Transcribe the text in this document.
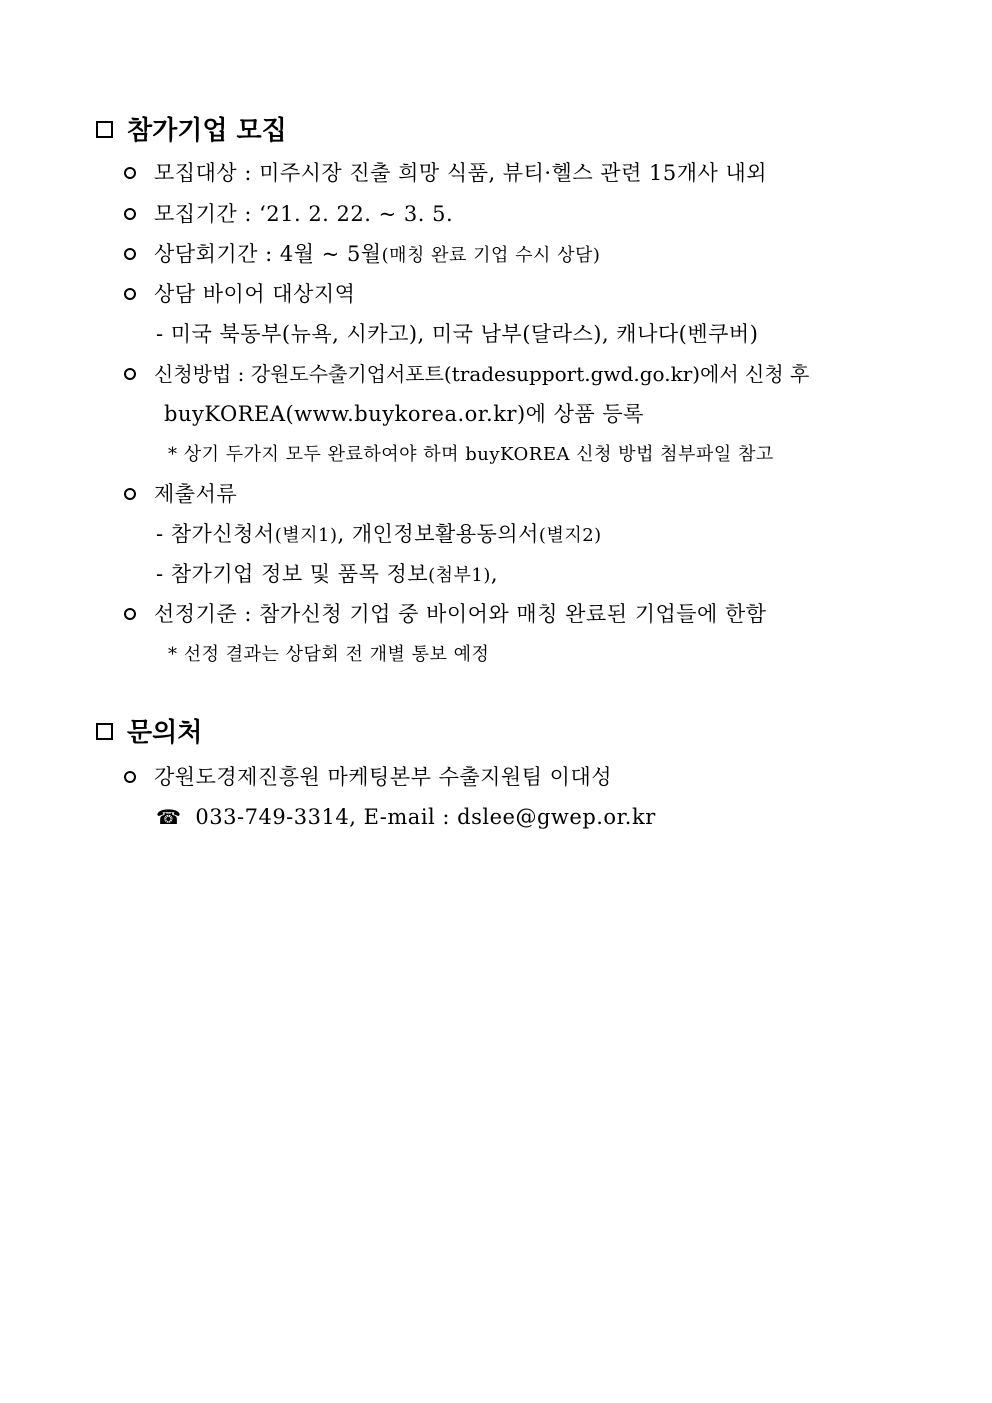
참가기업 모집
모집대상 : 미주시장 진출 희망 식품, 뷰티·헬스 관련 15개사 내외
모집기간 : ‘21. 2. 22. ~ 3. 5.
상담회기간 : 4월 ~ 5월(매칭 완료 기업 수시 상담)
상담 바이어 대상지역
- 미국 북동부(뉴욕, 시카고), 미국 남부(달라스), 캐나다(벤쿠버)
신청방법 : 강원도수출기업서포트(tradesupport.gwd.go.kr)에서 신청 후
buyKOREA(www.buykorea.or.kr)에 상품 등록
* 상기 두가지 모두 완료하여야 하며 buyKOREA 신청 방법 첨부파일 참고
제출서류
- 참가신청서(별지1), 개인정보활용동의서(별지2)
- 참가기업 정보 및 품목 정보(첨부1),
선정기준 : 참가신청 기업 중 바이어와 매칭 완료된 기업들에 한함
* 선정 결과는 상담회 전 개별 통보 예정
문의처
강원도경제진흥원 마케팅본부 수출지원팀 이대성
☎ 033-749-3314, E-mail : dslee@gwep.or.kr
